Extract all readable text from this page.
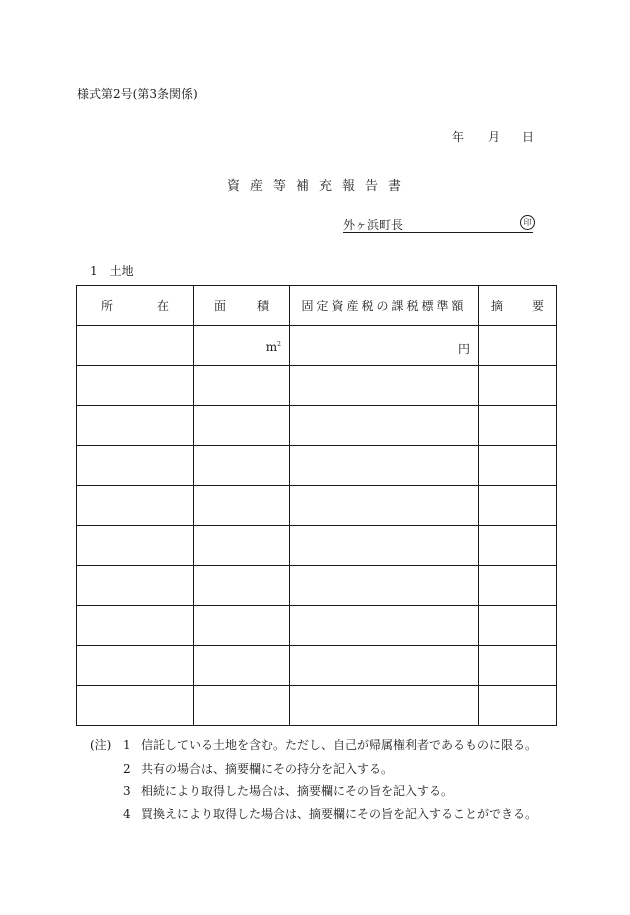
様式第2号(第3条関係)
年 月 日
資産等補充報告書
外ヶ浜町長	印
1 土地
所 在	面 積	固定資産税の課税標準額	摘 要

	$m^2$	円	

(注) 1 信託している土地を含む。ただし、自己が帰属権利者であるものに限る。
2 共有の場合は、摘要欄にその持分を記入する。
3 相続により取得した場合は、摘要欄にその旨を記入する。
4 買換えにより取得した場合は、摘要欄にその旨を記入することができる。
